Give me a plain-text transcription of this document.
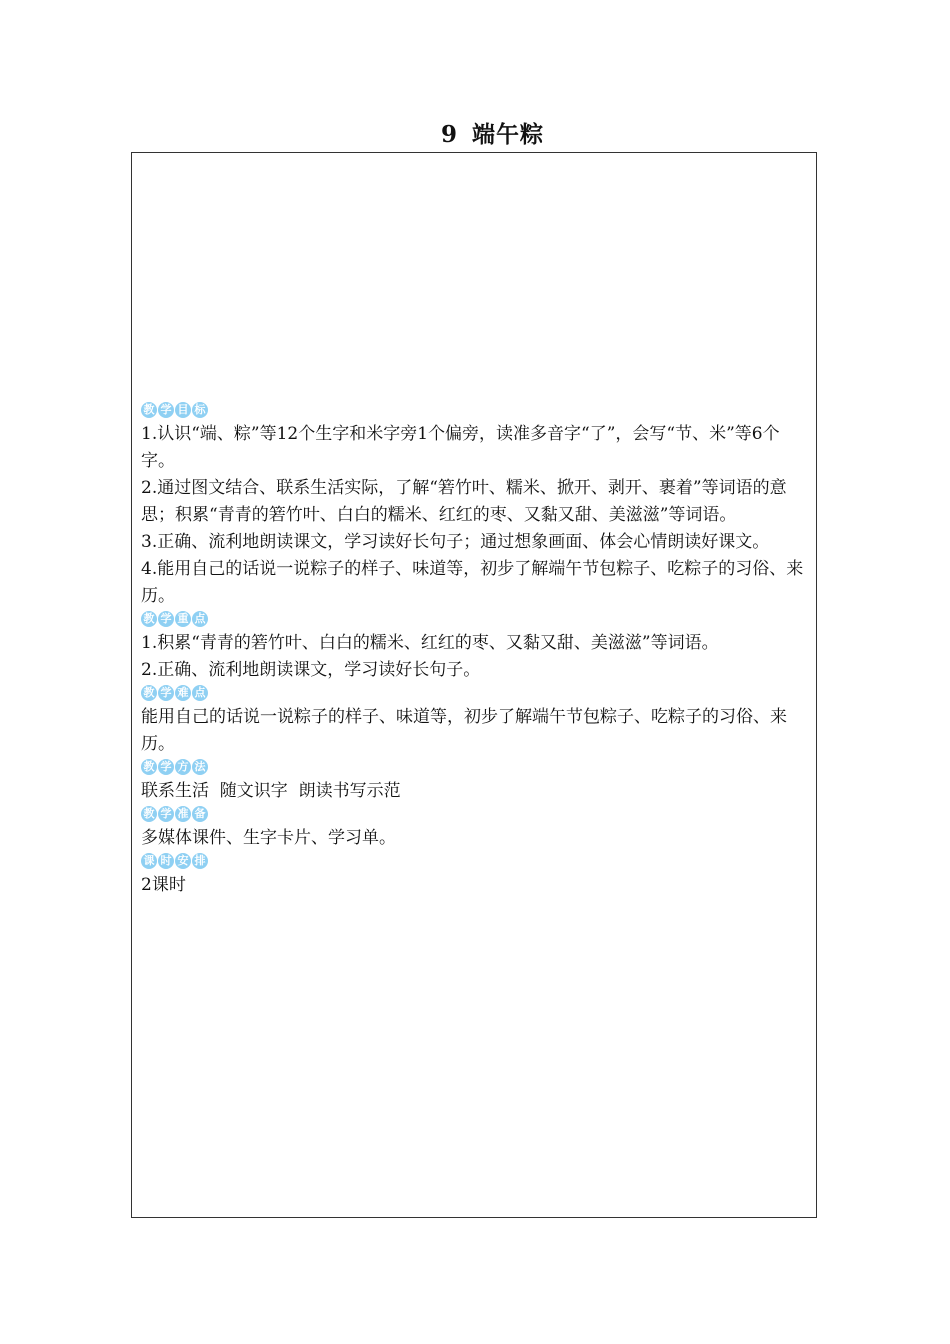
9 端午粽
教 学 目 标

1.认识“端、粽”等12个生字和米字旁1个偏旁，读准多音字“了”，会写“节、米”等6个字。

2.通过图文结合、联系生活实际，了解“箬竹叶、糯米、掀开、剥开、裹着”等词语的意思；积累“青青的箬竹叶、白白的糯米、红红的枣、又黏又甜、美滋滋”等词语。

3.正确、流利地朗读课文，学习读好长句子；通过想象画面、体会心情朗读好课文。

4.能用自己的话说一说粽子的样子、味道等，初步了解端午节包粽子、吃粽子的习俗、来历。

教 学 重 点

1.积累“青青的箬竹叶、白白的糯米、红红的枣、又黏又甜、美滋滋”等词语。

2.正确、流利地朗读课文，学习读好长句子。

教 学 难 点

能用自己的话说一说粽子的样子、味道等，初步了解端午节包粽子、吃粽子的习俗、来历。

教 学 方 法

联系生活  随文识字  朗读书写示范

教 学 准 备

多媒体课件、生字卡片、学习单。

课 时 安 排

2课时
